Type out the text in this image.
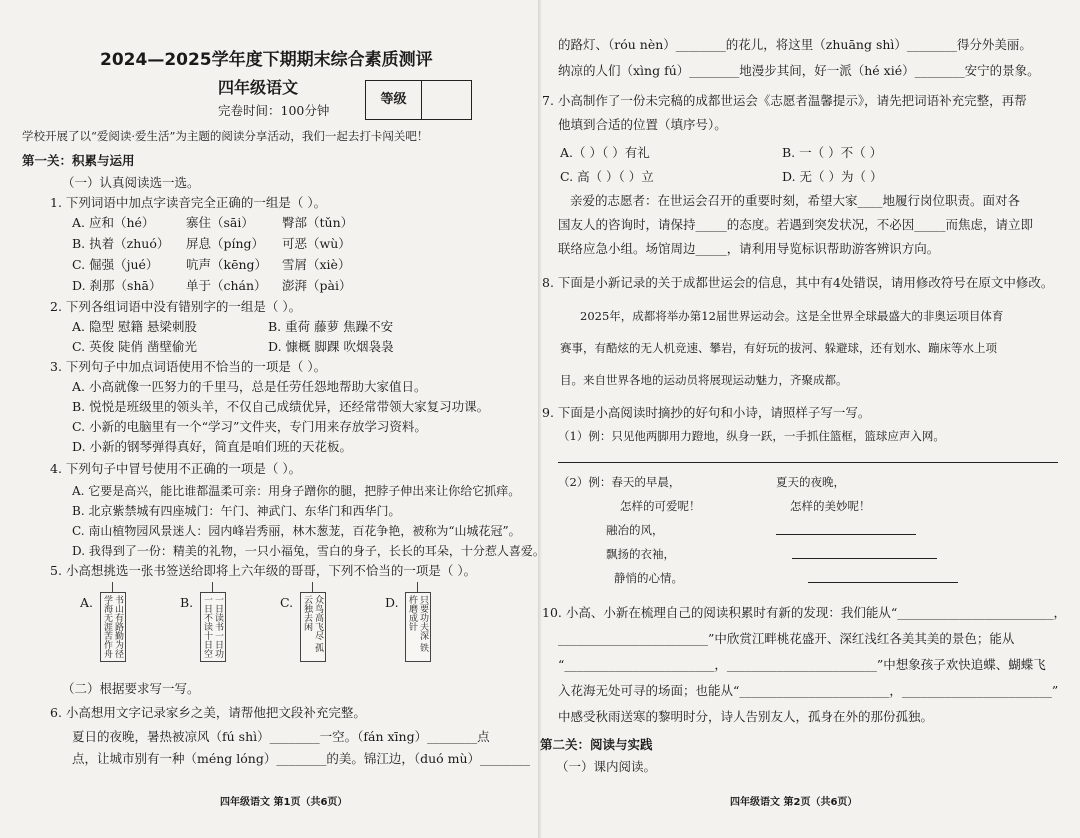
2024—2025学年度下期期末综合素质测评
四年级语文
完卷时间：100分钟
等级
学校开展了以“爱阅读·爱生活”为主题的阅读分享活动，我们一起去打卡闯关吧！
第一关：积累与运用
（一）认真阅读选一选。
1. 下列词语中加点字读音完全正确的一组是（ ）。
A. 应和（hé）	寨住（sāi） 臀部（tǔn）
B. 执着（zhuó） 屏息（píng） 可恶（wù）
C. 倔强（jué） 吭声（kēng） 雪屑（xiè）
D. 刹那（shā） 单于（chán） 澎湃（pài）
2. 下列各组词语中没有错别字的一组是（ ）。
A. 隐型 慰籍 悬梁刺股	B. 重荷 藤萝 焦躁不安
C. 英俊 陡俏 凿壁偷光	D. 慷概 脚踝 吹烟袅袅
3. 下列句子中加点词语使用不恰当的一项是（ ）。
A. 小高就像一匹努力的千里马，总是任劳任怨地帮助大家值日。
B. 悦悦是班级里的领头羊，不仅自己成绩优异，还经常带领大家复习功课。
C. 小新的电脑里有一个“学习”文件夹，专门用来存放学习资料。
D. 小新的钢琴弹得真好，简直是咱们班的天花板。
4. 下列句子中冒号使用不正确的一项是（ ）。
A. 它要是高兴，能比谁都温柔可亲：用身子蹭你的腿，把脖子伸出来让你给它抓痒。
B. 北京紫禁城有四座城门：午门、神武门、东华门和西华门。
C. 南山植物园风景迷人：园内峰岩秀丽，林木葱茏，百花争艳，被称为“山城花冠”。
D. 我得到了一份：精美的礼物，一只小福兔，雪白的身子，长长的耳朵，十分惹人喜爱。
5. 小高想挑选一张书签送给即将上六年级的哥哥，下列不恰当的一项是（ ）。
A.	书山有路勤为径 学海无涯苦作舟	B.	一日读书一日功 一日不读十日空	C.	众鸟高飞尽 孤云独去闲	D.	只要功夫深 铁杵磨成针
（二）根据要求写一写。
6. 小高想用文字记录家乡之美，请帮他把文段补充完整。
夏日的夜晚，暑热被凉风（fú shì）________一空。（fán xīng）________点
点，让城市别有一种（méng lóng）________的美。锦江边，（duó mù）________
四年级语文 第1页（共6页）
的路灯、（róu nèn）________的花儿，将这里（zhuāng shì）________得分外美丽。
纳凉的人们（xìng fú）________地漫步其间，好一派（hé xié）________安宁的景象。
7. 小高制作了一份未完稿的成都世运会《志愿者温馨提示》，请先把词语补充完整，再帮
他填到合适的位置（填序号）。
A.（ ）（ ）有礼	B. 一（ ）不（ ）
C. 高（ ）（ ）立	D. 无（ ）为（ ）
亲爱的志愿者：在世运会召开的重要时刻，希望大家____地履行岗位职责。面对各
国友人的咨询时，请保持_____的态度。若遇到突发状况，不必因_____而焦虑，请立即
联络应急小组。场馆周边_____，请利用导览标识帮助游客辨识方向。
8. 下面是小新记录的关于成都世运会的信息，其中有4处错误，请用修改符号在原文中修改。
2025年，成都将举办第12届世界运动会。这是全世界全球最盛大的非奥运项目体育
赛事，有酷炫的无人机竞速、攀岩，有好玩的拔河、躲避球，还有划水、蹦床等水上项
目。来自世界各地的运动员将展现运动魅力，齐聚成都。
9. 下面是小高阅读时摘抄的好句和小诗，请照样子写一写。
（1）例：只见他两脚用力蹬地，纵身一跃，一手抓住篮框，篮球应声入网。
（2）例：春天的早晨，
怎样的可爱呢！
融冶的风，
飘扬的衣袖，
静悄的心情。
夏天的夜晚，
怎样的美妙呢！
10. 小高、小新在梳理自己的阅读积累时有新的发现：我们能从“_________________________，
________________________”中欣赏江畔桃花盛开、深红浅红各美其美的景色；能从
“________________________，________________________”中想象孩子欢快追蝶、蝴蝶飞
入花海无处可寻的场面；也能从“________________________，________________________”
中感受秋雨送寒的黎明时分，诗人告别友人，孤身在外的那份孤独。
第二关：阅读与实践
（一）课内阅读。
四年级语文 第2页（共6页）
